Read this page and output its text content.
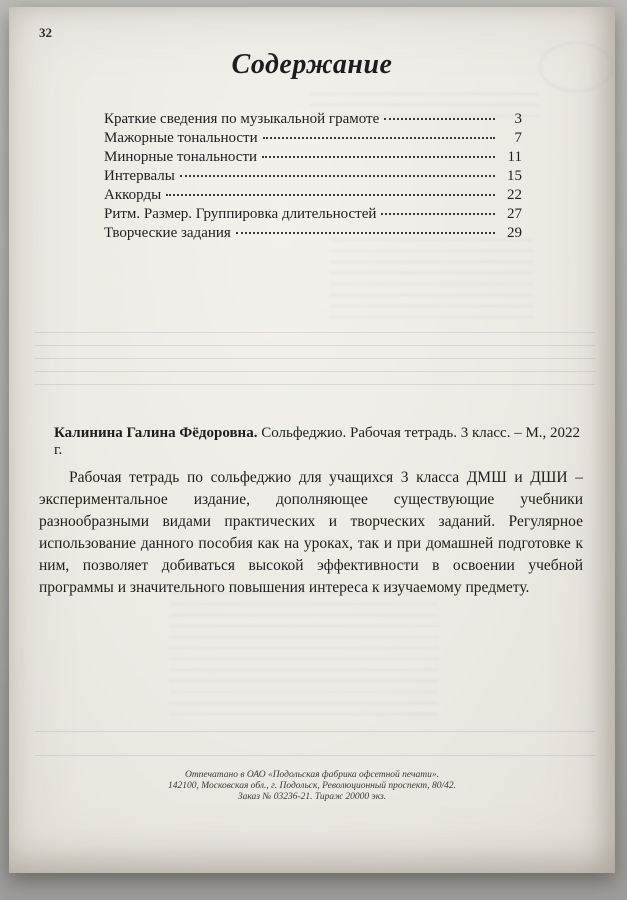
32
Содержание
Краткие сведения по музыкальной грамоте	3
Мажорные тональности	7
Минорные тональности	11
Интервалы	15
Аккорды	22
Ритм. Размер. Группировка длительностей	27
Творческие задания	29
Калинина Галина Фёдоровна. Сольфеджио. Рабочая тетрадь. 3 класс. – М., 2022 г.
Рабочая тетрадь по сольфеджио для учащихся 3 класса ДМШ и ДШИ – экспериментальное издание, дополняющее существующие учебники разнообразными видами практических и творческих заданий. Регулярное использование данного пособия как на уроках, так и при домашней подготовке к ним, позволяет добиваться высокой эффективности в освоении учебной программы и значительного повышения интереса к изучаемому предмету.
Отпечатано в ОАО «Подольская фабрика офсетной печати».
142100, Московская обл., г. Подольск, Революционный проспект, 80/42.
Заказ № 03236-21. Тираж 20000 экз.
